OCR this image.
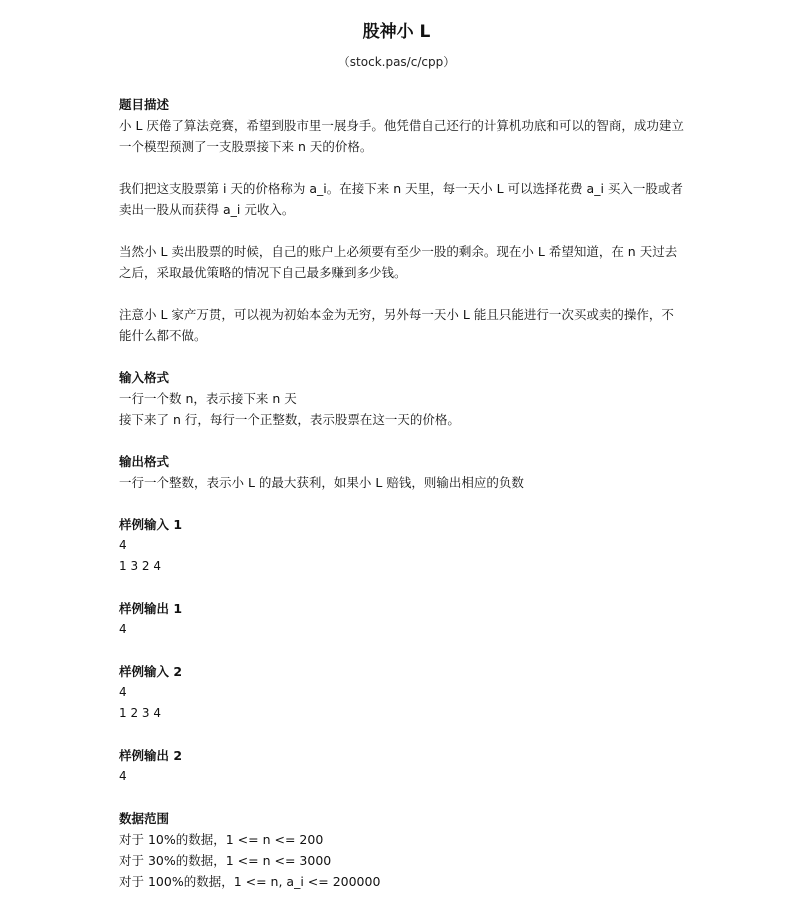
股神小 L
（stock.pas/c/cpp）

题目描述

小 L 厌倦了算法竞赛，希望到股市里一展身手。他凭借自己还行的计算机功底和可以的智商，成功建立一个模型预测了一支股票接下来 n 天的价格。

我们把这支股票第 i 天的价格称为 a_i。在接下来 n 天里，每一天小 L 可以选择花费 a_i 买入一股或者卖出一股从而获得 a_i 元收入。

当然小 L 卖出股票的时候，自己的账户上必须要有至少一股的剩余。现在小 L 希望知道，在 n 天过去之后，采取最优策略的情况下自己最多赚到多少钱。

注意小 L 家产万贯，可以视为初始本金为无穷，另外每一天小 L 能且只能进行一次买或卖的操作，不能什么都不做。

输入格式

一行一个数 n，表示接下来 n 天

接下来了 n 行，每行一个正整数，表示股票在这一天的价格。

输出格式

一行一个整数，表示小 L 的最大获利，如果小 L 赔钱，则输出相应的负数

样例输入 1

4

1 3 2 4

样例输出 1

4

样例输入 2

4

1 2 3 4

样例输出 2

4

数据范围

对于 10%的数据，1 <= n <= 200

对于 30%的数据，1 <= n <= 3000

对于 100%的数据，1 <= n, a_i <= 200000
